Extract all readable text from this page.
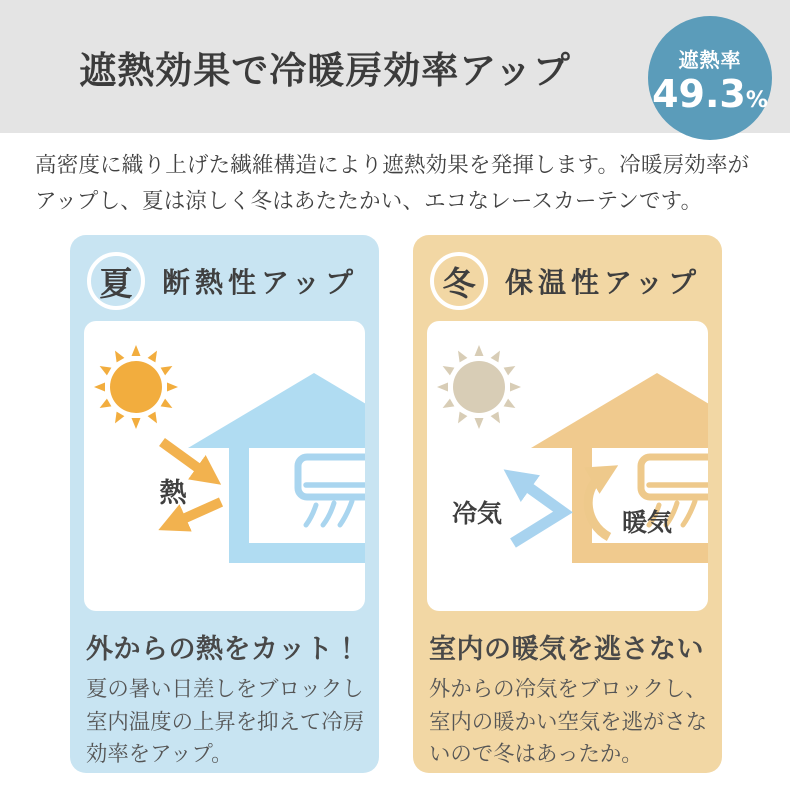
遮熱効果で冷暖房効率アップ	遮熱率
49.3%

高密度に織り上げた繊維構造により遮熱効果を発揮します。冷暖房効率がアップし、夏は涼しく冬はあたたかい、エコなレースカーテンです。

夏	断熱性アップ
熱
外からの熱をカット！
夏の暑い日差しをブロックし室内温度の上昇を抑えて冷房効率をアップ。
冬	保温性アップ
冷気	暖気
室内の暖気を逃さない
外からの冷気をブロックし、室内の暖かい空気を逃がさないので冬はあったか。
